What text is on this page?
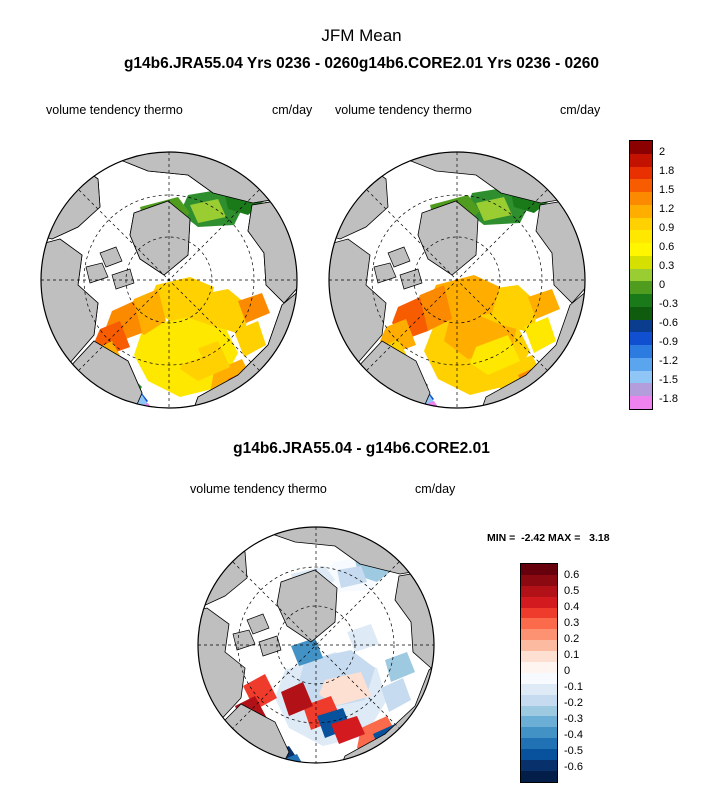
JFM Mean
g14b6.JRA55.04 Yrs 0236 - 0260g14b6.CORE2.01 Yrs 0236 - 0260
volume tendency thermo	cm/day volume tendency thermo	cm/day
2
1.8
1.5
1.2
0.9
0.6
0.3
0
-0.3
-0.6
-0.9
-1.2
-1.5
-1.8
g14b6.JRA55.04 - g14b6.CORE2.01
volume tendency thermo	cm/day
MIN =  -2.42 MAX =   3.18
0.6
0.5
0.4
0.3
0.2
0.1
0
-0.1
-0.2
-0.3
-0.4
-0.5
-0.6
